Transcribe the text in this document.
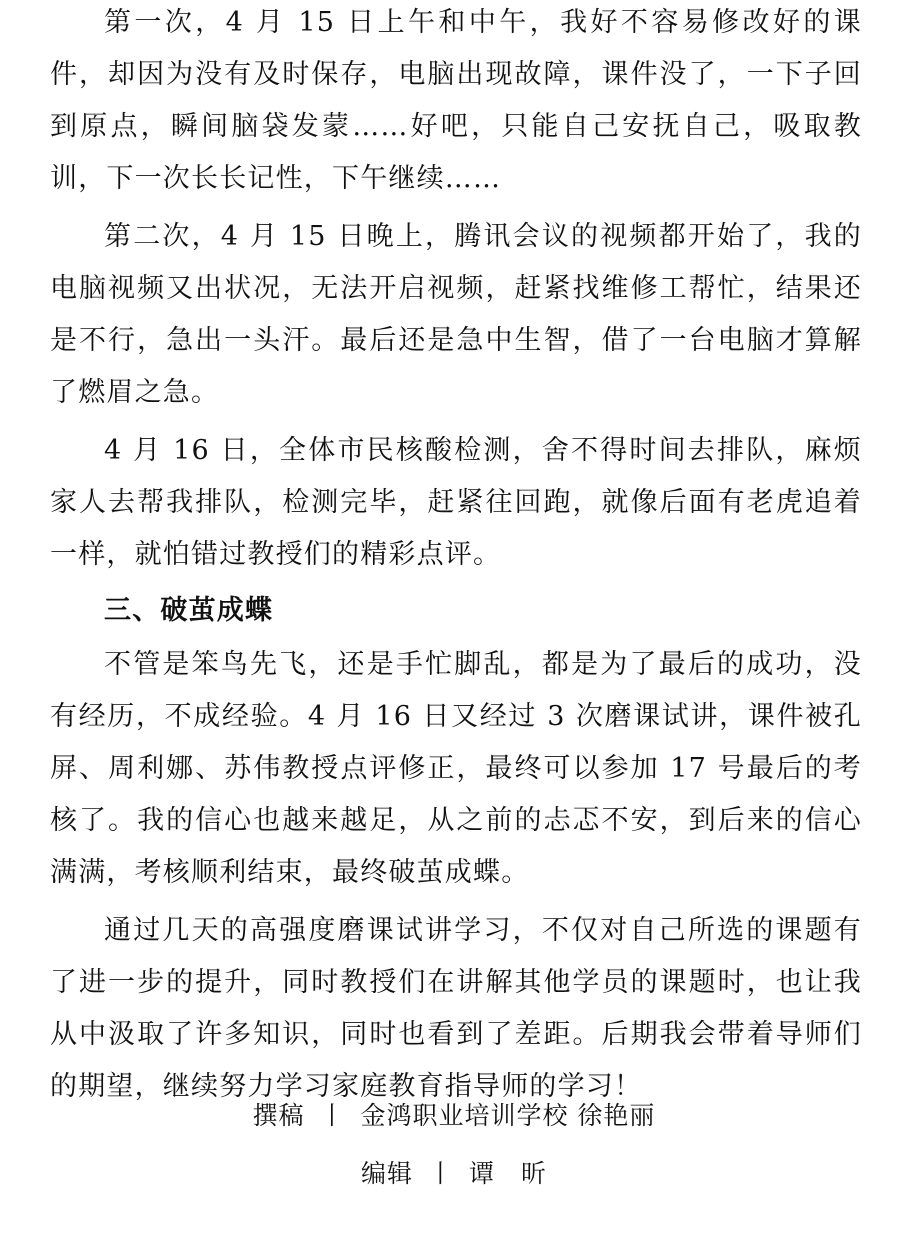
第一次，4 月 15 日上午和中午，我好不容易修改好的课件，却因为没有及时保存，电脑出现故障，课件没了，一下子回到原点，瞬间脑袋发蒙……好吧，只能自己安抚自己，吸取教训，下一次长长记性，下午继续……

第二次，4 月 15 日晚上，腾讯会议的视频都开始了，我的电脑视频又出状况，无法开启视频，赶紧找维修工帮忙，结果还是不行，急出一头汗。最后还是急中生智，借了一台电脑才算解了燃眉之急。

4 月 16 日，全体市民核酸检测，舍不得时间去排队，麻烦家人去帮我排队，检测完毕，赶紧往回跑，就像后面有老虎追着一样，就怕错过教授们的精彩点评。

三、破茧成蝶

不管是笨鸟先飞，还是手忙脚乱，都是为了最后的成功，没有经历，不成经验。4 月 16 日又经过 3 次磨课试讲，课件被孔屏、周利娜、苏伟教授点评修正，最终可以参加 17 号最后的考核了。我的信心也越来越足，从之前的忐忑不安，到后来的信心满满，考核顺利结束，最终破茧成蝶。

通过几天的高强度磨课试讲学习，不仅对自己所选的课题有了进一步的提升，同时教授们在讲解其他学员的课题时，也让我从中汲取了许多知识，同时也看到了差距。后期我会带着导师们的期望，继续努力学习家庭教育指导师的学习！

撰稿 丨 金鸿职业培训学校 徐艳丽
编辑 丨 谭　昕
